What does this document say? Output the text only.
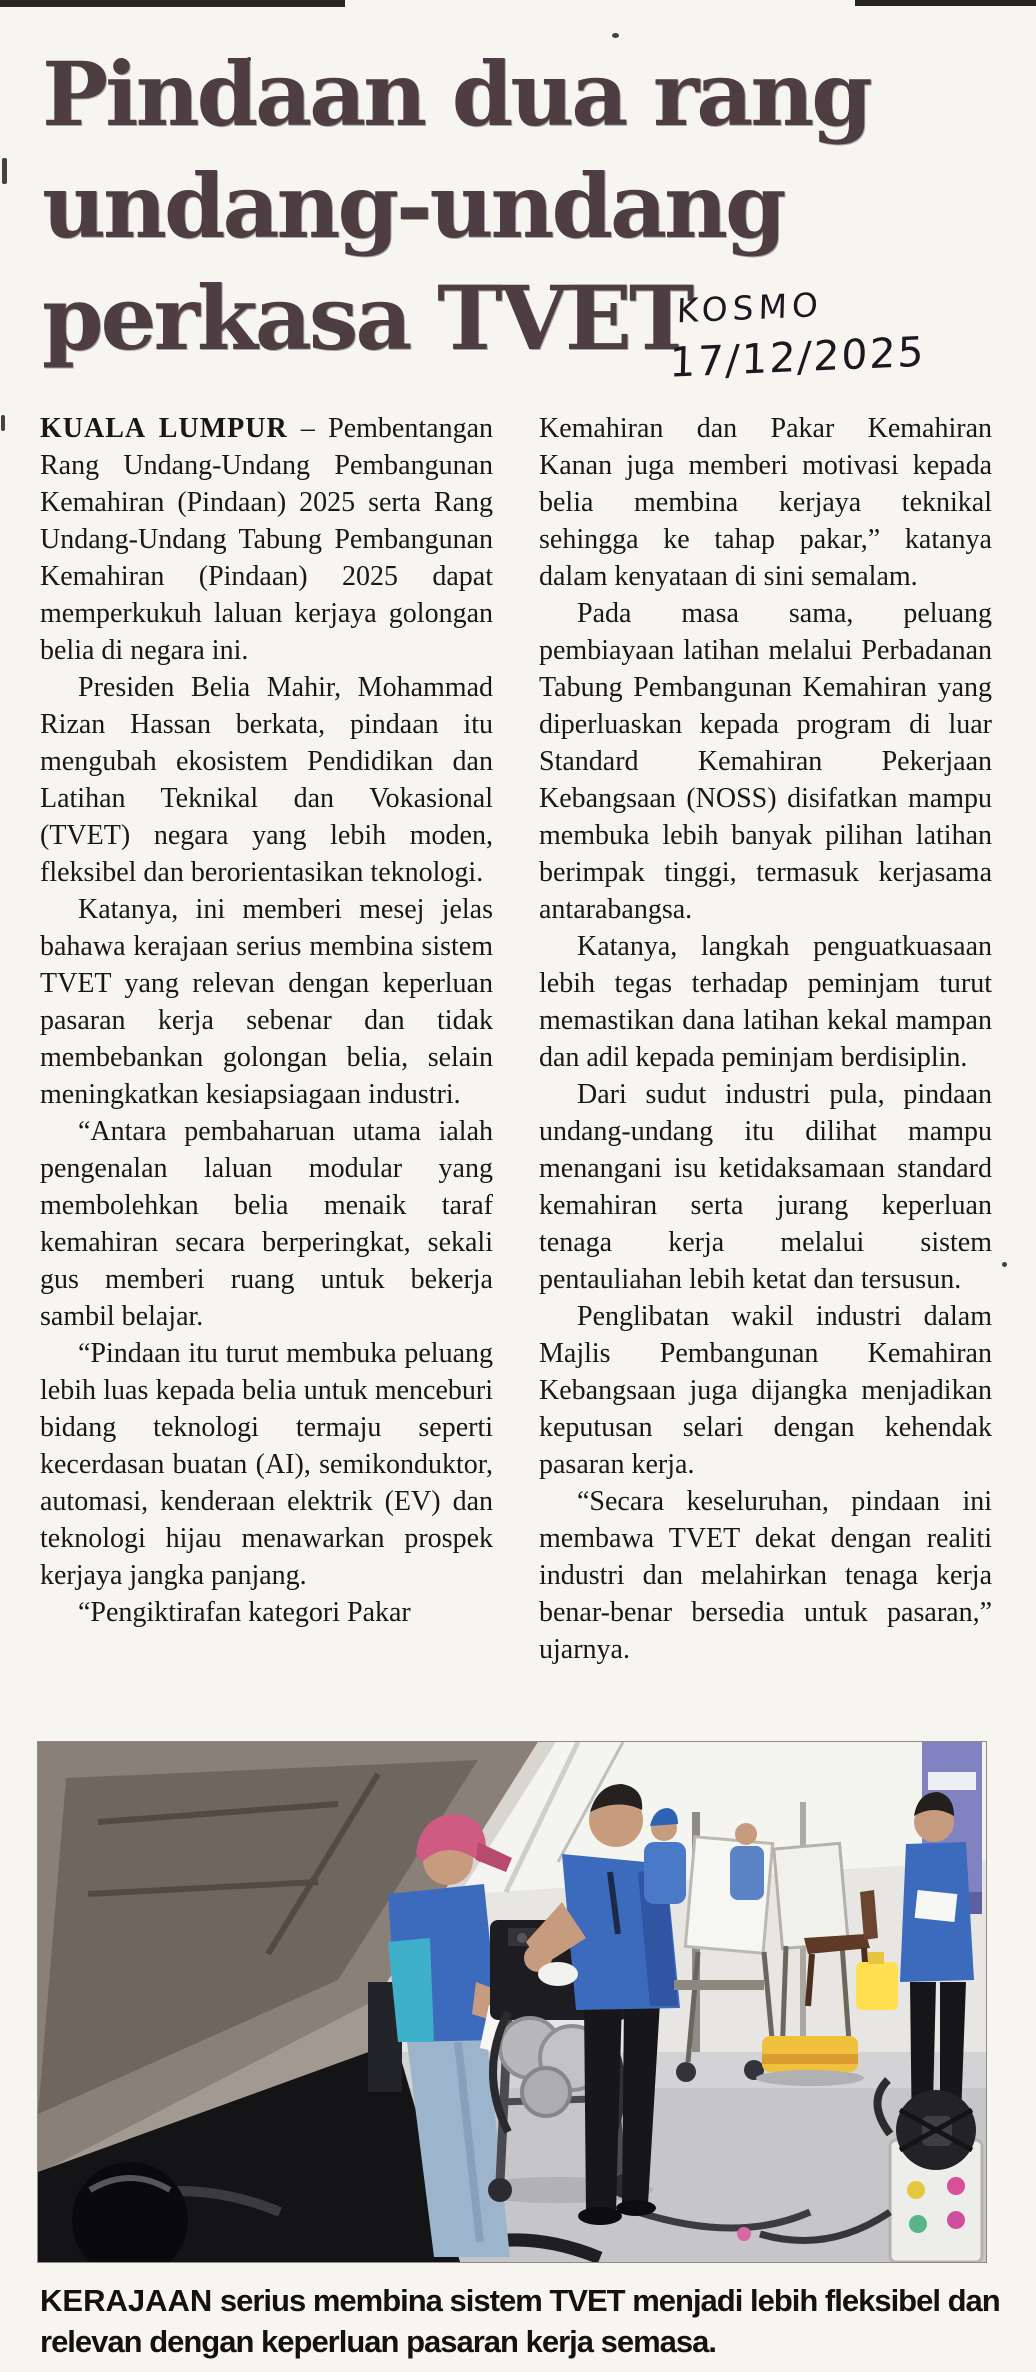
Pindaan dua rang
undang-undang
perkasa TVET
KOSMO
17/12/2025

KUALA LUMPUR – Pembentangan Rang Undang-Undang Pembangunan Kemahiran (Pindaan) 2025 serta Rang Undang-Undang Tabung Pembangunan Kemahiran (Pindaan) 2025 dapat memperkukuh laluan kerjaya golongan belia di negara ini.

Presiden Belia Mahir, Mohammad Rizan Hassan berkata, pindaan itu mengubah ekosistem Pendidikan dan Latihan Teknikal dan Vokasional (TVET) negara yang lebih moden, fleksibel dan berorientasikan teknologi.

Katanya, ini memberi mesej jelas bahawa kerajaan serius membina sistem TVET yang relevan dengan keperluan pasaran kerja sebenar dan tidak membebankan golongan belia, selain meningkatkan kesiapsiagaan industri.

“Antara pembaharuan utama ialah pengenalan laluan modular yang membolehkan belia menaik taraf kemahiran secara berperingkat, sekali gus memberi ruang untuk bekerja sambil belajar.

“Pindaan itu turut membuka peluang lebih luas kepada belia untuk menceburi bidang teknologi termaju seperti kecerdasan buatan (AI), semikonduktor, automasi, kenderaan elektrik (EV) dan teknologi hijau menawarkan prospek kerjaya jangka panjang.

“Pengiktirafan kategori Pakar

Kemahiran dan Pakar Kemahiran Kanan juga memberi motivasi kepada belia membina kerjaya teknikal sehingga ke tahap pakar,” katanya dalam kenyataan di sini semalam.

Pada masa sama, peluang pembiayaan latihan melalui Perbadanan Tabung Pembangunan Kemahiran yang diperluaskan kepada program di luar Standard Kemahiran Pekerjaan Kebangsaan (NOSS) disifatkan mampu membuka lebih banyak pilihan latihan berimpak tinggi, termasuk kerjasama antarabangsa.

Katanya, langkah penguatkuasaan lebih tegas terhadap peminjam turut memastikan dana latihan kekal mampan dan adil kepada peminjam berdisiplin.

Dari sudut industri pula, pindaan undang-undang itu dilihat mampu menangani isu ketidaksamaan standard kemahiran serta jurang keperluan tenaga kerja melalui sistem pentauliahan lebih ketat dan tersusun.

Penglibatan wakil industri dalam Majlis Pembangunan Kemahiran Kebangsaan juga dijangka menjadikan keputusan selari dengan kehendak pasaran kerja.

“Secara keseluruhan, pindaan ini membawa TVET dekat dengan realiti industri dan melahirkan tenaga kerja benar-benar bersedia untuk pasaran,” ujarnya.

KERAJAAN serius membina sistem TVET menjadi lebih fleksibel dan
relevan dengan keperluan pasaran kerja semasa.
